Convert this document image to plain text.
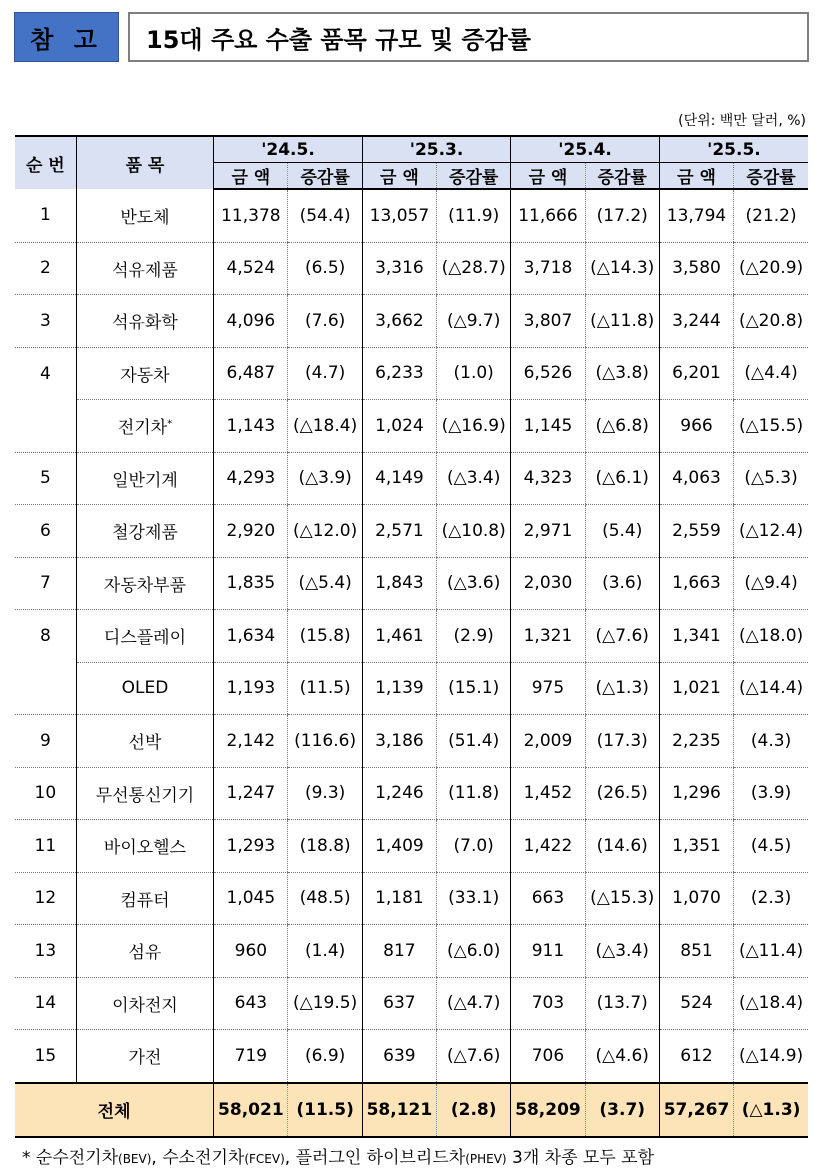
참 고	15대 주요 수출 품목 규모 및 증감률
(단위: 백만 달러, %)
순 번	품 목	'24.5.		'25.3.		'25.4.		'25.5.	
		금 액	증감률	금 액	증감률	금 액	증감률	금 액	증감률
1	반도체	11,378	(54.4)	13,057	(11.9)	11,666	(17.2)	13,794	(21.2)
2	석유제품	4,524	(6.5)	3,316	(△28.7)	3,718	(△14.3)	3,580	(△20.9)
3	석유화학	4,096	(7.6)	3,662	(△9.7)	3,807	(△11.8)	3,244	(△20.8)
4	자동차	6,487	(4.7)	6,233	(1.0)	6,526	(△3.8)	6,201	(△4.4)
	전기차*	1,143	(△18.4)	1,024	(△16.9)	1,145	(△6.8)	966	(△15.5)
5	일반기계	4,293	(△3.9)	4,149	(△3.4)	4,323	(△6.1)	4,063	(△5.3)
6	철강제품	2,920	(△12.0)	2,571	(△10.8)	2,971	(5.4)	2,559	(△12.4)
7	자동차부품	1,835	(△5.4)	1,843	(△3.6)	2,030	(3.6)	1,663	(△9.4)
8	디스플레이	1,634	(15.8)	1,461	(2.9)	1,321	(△7.6)	1,341	(△18.0)
	OLED	1,193	(11.5)	1,139	(15.1)	975	(△1.3)	1,021	(△14.4)
9	선박	2,142	(116.6)	3,186	(51.4)	2,009	(17.3)	2,235	(4.3)
10	무선통신기기	1,247	(9.3)	1,246	(11.8)	1,452	(26.5)	1,296	(3.9)
11	바이오헬스	1,293	(18.8)	1,409	(7.0)	1,422	(14.6)	1,351	(4.5)
12	컴퓨터	1,045	(48.5)	1,181	(33.1)	663	(△15.3)	1,070	(2.3)
13	섬유	960	(1.4)	817	(△6.0)	911	(△3.4)	851	(△11.4)
14	이차전지	643	(△19.5)	637	(△4.7)	703	(13.7)	524	(△18.4)
15	가전	719	(6.9)	639	(△7.6)	706	(△4.6)	612	(△14.9)
전체		58,021	(11.5)	58,121	(2.8)	58,209	(3.7)	57,267	(△1.3)
* 순수전기차(BEV), 수소전기차(FCEV), 플러그인 하이브리드차(PHEV) 3개 차종 모두 포함
